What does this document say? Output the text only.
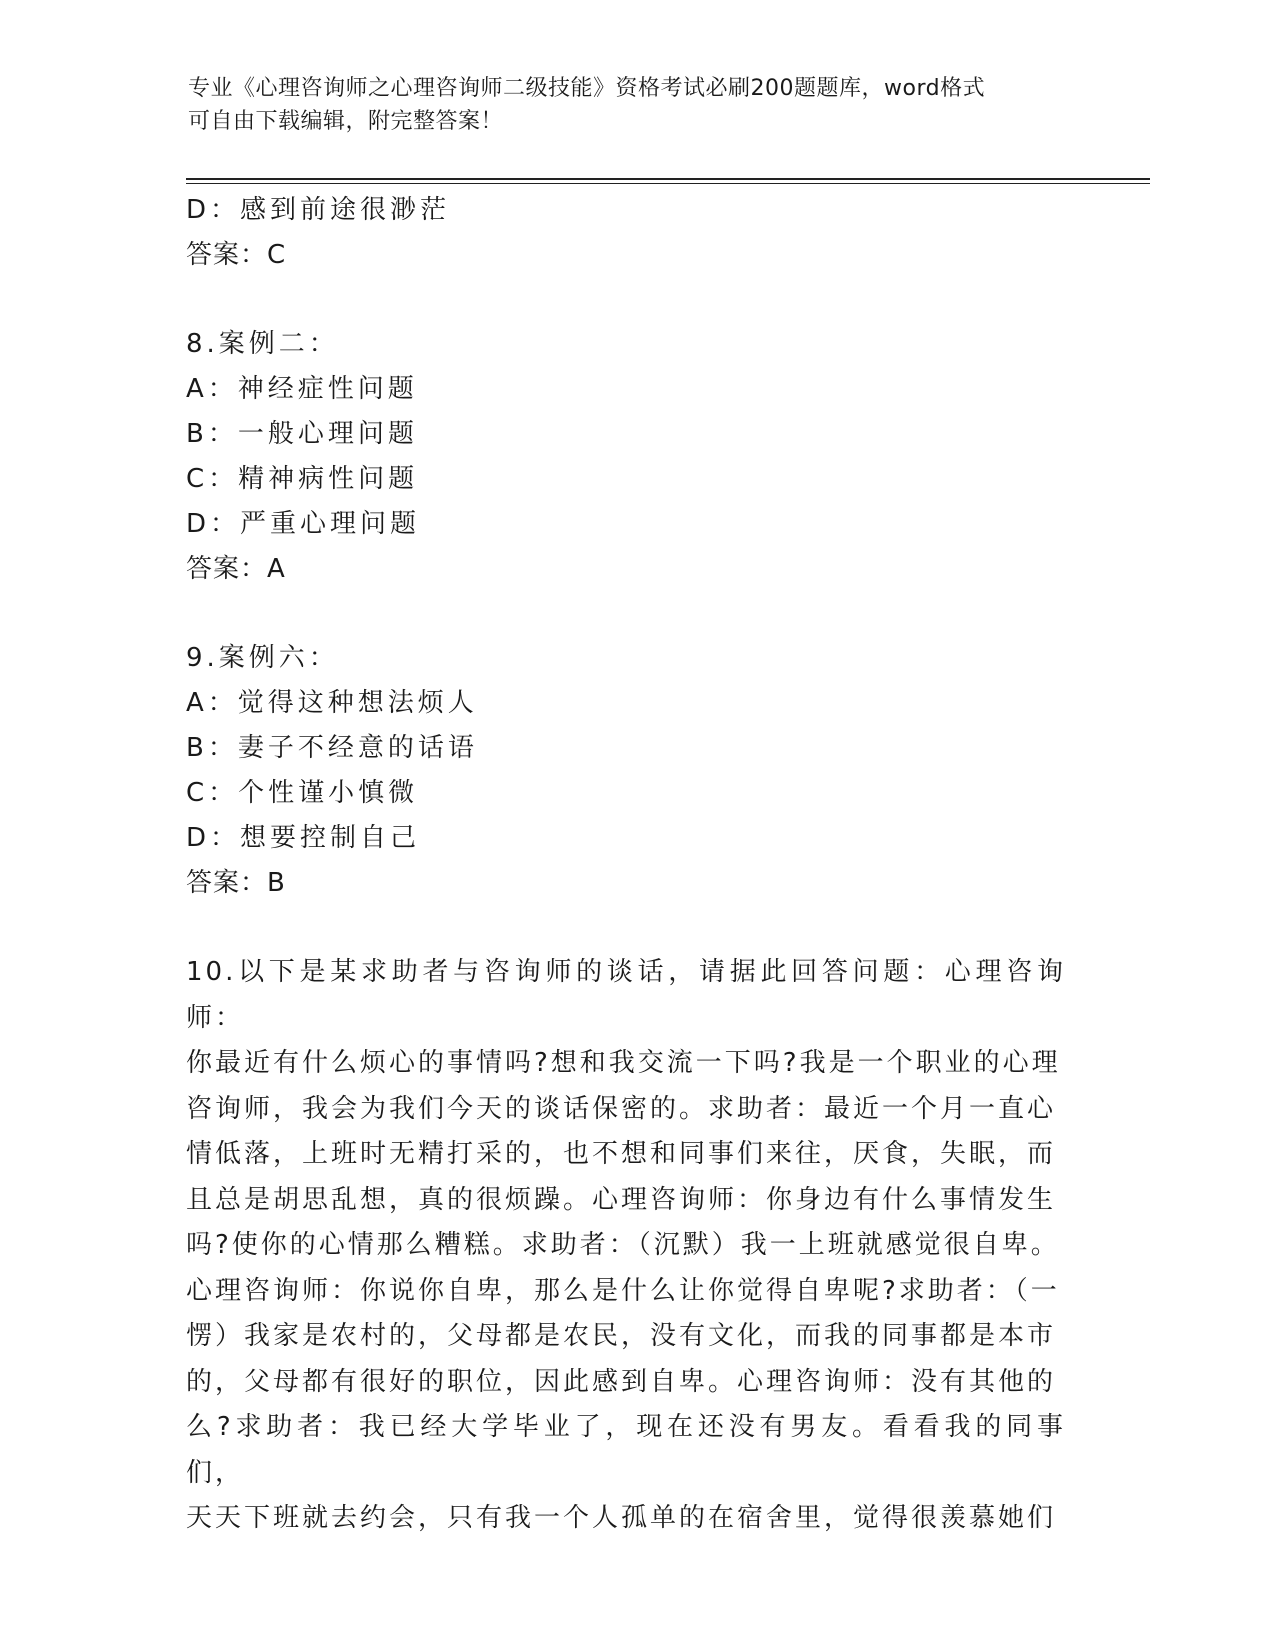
专业《心理咨询师之心理咨询师二级技能》资格考试必刷200题题库，word格式
可自由下载编辑，附完整答案！
D：感到前途很渺茫
答案：C
8.案例二：
A：神经症性问题
B：一般心理问题
C：精神病性问题
D：严重心理问题
答案：A
9.案例六：
A：觉得这种想法烦人
B：妻子不经意的话语
C：个性谨小慎微
D：想要控制自己
答案：B
10.以下是某求助者与咨询师的谈话，请据此回答问题：心理咨询师：
你最近有什么烦心的事情吗?想和我交流一下吗?我是一个职业的心理
咨询师，我会为我们今天的谈话保密的。求助者：最近一个月一直心
情低落，上班时无精打采的，也不想和同事们来往，厌食，失眠，而
且总是胡思乱想，真的很烦躁。心理咨询师：你身边有什么事情发生
吗?使你的心情那么糟糕。求助者：（沉默）我一上班就感觉很自卑。
心理咨询师：你说你自卑，那么是什么让你觉得自卑呢?求助者：（一
愣）我家是农村的，父母都是农民，没有文化，而我的同事都是本市
的，父母都有很好的职位，因此感到自卑。心理咨询师：没有其他的
么?求助者：我已经大学毕业了，现在还没有男友。看看我的同事们，
天天下班就去约会，只有我一个人孤单的在宿舍里，觉得很羡慕她们
